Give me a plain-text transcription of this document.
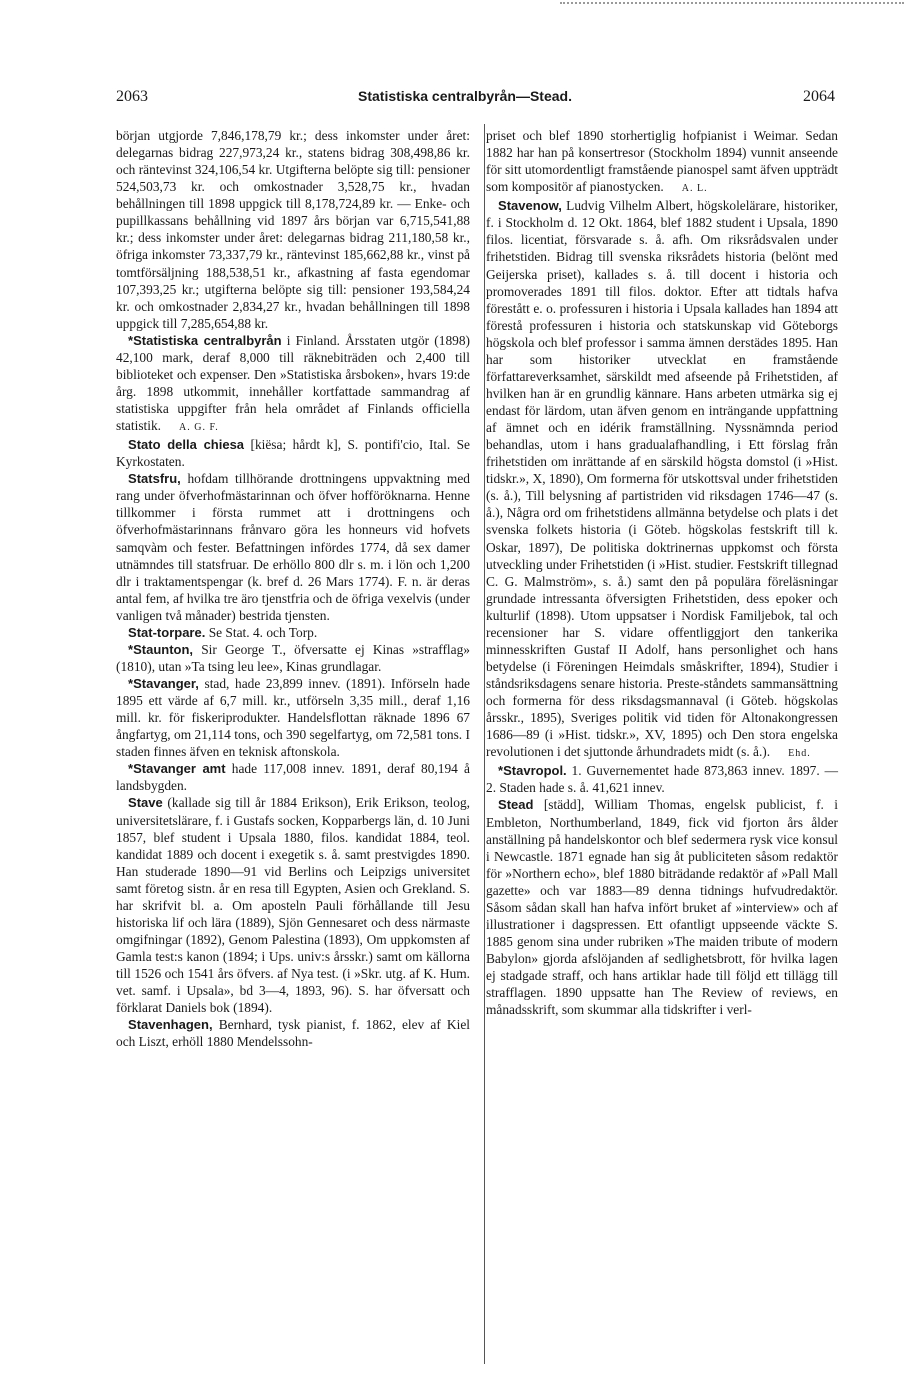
2063	Statistiska centralbyrån—Stead.	2064

början utgjorde 7,846,178,79 kr.; dess inkomster under året: delegarnas bidrag 227,973,24 kr., statens bidrag 308,498,86 kr. och räntevinst 324,106,54 kr. Utgifterna belöpte sig till: pensioner 524,503,73 kr. och omkostnader 3,528,75 kr., hvadan behållningen till 1898 uppgick till 8,178,724,89 kr. — Enke- och pupillkassans behållning vid 1897 års början var 6,715,541,88 kr.; dess inkomster under året: delegarnas bidrag 211,180,58 kr., öfriga inkomster 73,337,79 kr., räntevinst 185,662,88 kr., vinst på tomtförsäljning 188,538,51 kr., afkastning af fasta egendomar 107,393,25 kr.; utgifterna belöpte sig till: pensioner 193,584,24 kr. och omkostnader 2,834,27 kr., hvadan behållningen till 1898 uppgick till 7,285,654,88 kr.

*Statistiska centralbyrån i Finland. Årsstaten utgör (1898) 42,100 mark, deraf 8,000 till räknebiträden och 2,400 till biblioteket och expenser. Den »Statistiska årsboken», hvars 19:de årg. 1898 utkommit, innehåller kortfattade sammandrag af statistiska uppgifter från hela området af Finlands officiella statistik. A. G. F.

Stato della chiesa [kiësa; hårdt k], S. pontifi'cio, Ital. Se Kyrkostaten.

Statsfru, hofdam tillhörande drottningens uppvaktning med rang under öfverhofmästarinnan och öfver hofföröknarna. Henne tillkommer i första rummet att i drottningens och öfverhofmästarinnans frånvaro göra les honneurs vid hofvets samqvàm och fester. Befattningen infördes 1774, då sex damer utnämndes till statsfruar. De erhöllo 800 dlr s. m. i lön och 1,200 dlr i traktamentspengar (k. bref d. 26 Mars 1774). F. n. är deras antal fem, af hvilka tre äro tjenstfria och de öfriga vexelvis (under vanligen två månader) bestrida tjensten.

Stat-torpare. Se Stat. 4. och Torp.

*Staunton, Sir George T., öfversatte ej Kinas »strafflag» (1810), utan »Ta tsing leu lee», Kinas grundlagar.

*Stavanger, stad, hade 23,899 innev. (1891). Införseln hade 1895 ett värde af 6,7 mill. kr., utförseln 3,35 mill., deraf 1,16 mill. kr. för fiskeriprodukter. Handelsflottan räknade 1896 67 ångfartyg, om 21,114 tons, och 390 segelfartyg, om 72,581 tons. I staden finnes äfven en teknisk aftonskola.

*Stavanger amt hade 117,008 innev. 1891, deraf 80,194 å landsbygden.

Stave (kallade sig till år 1884 Erikson), Erik Erikson, teolog, universitetslärare, f. i Gustafs socken, Kopparbergs län, d. 10 Juni 1857, blef student i Upsala 1880, filos. kandidat 1884, teol. kandidat 1889 och docent i exegetik s. å. samt prestvigdes 1890. Han studerade 1890—91 vid Berlins och Leipzigs universitet samt företog sistn. år en resa till Egypten, Asien och Grekland. S. har skrifvit bl. a. Om aposteln Pauli förhållande till Jesu historiska lif och lära (1889), Sjön Gennesaret och dess närmaste omgifningar (1892), Genom Palestina (1893), Om uppkomsten af Gamla test:s kanon (1894; i Ups. univ:s årsskr.) samt om källorna till 1526 och 1541 års öfvers. af Nya test. (i »Skr. utg. af K. Hum. vet. samf. i Upsala», bd 3—4, 1893, 96). S. har öfversatt och förklarat Daniels bok (1894).

Stavenhagen, Bernhard, tysk pianist, f. 1862, elev af Kiel och Liszt, erhöll 1880 Mendelssohn-

priset och blef 1890 storhertiglig hofpianist i Weimar. Sedan 1882 har han på konsertresor (Stockholm 1894) vunnit anseende för sitt utomordentligt framstående pianospel samt äfven uppträdt som kompositör af pianostycken. A. L.

Stavenow, Ludvig Vilhelm Albert, högskolelärare, historiker, f. i Stockholm d. 12 Okt. 1864, blef 1882 student i Upsala, 1890 filos. licentiat, försvarade s. å. afh. Om riksrådsvalen under frihetstiden. Bidrag till svenska riksrådets historia (belönt med Geijerska priset), kallades s. å. till docent i historia och promoverades 1891 till filos. doktor. Efter att tidtals hafva förestått e. o. professuren i historia i Upsala kallades han 1894 att förestå professuren i historia och statskunskap vid Göteborgs högskola och blef professor i samma ämnen derstädes 1895. Han har som historiker utvecklat en framstående författareverksamhet, särskildt med afseende på Frihetstiden, af hvilken han är en grundlig kännare. Hans arbeten utmärka sig ej endast för lärdom, utan äfven genom en inträngande uppfattning af ämnet och en idérik framställning. Nyssnämnda period behandlas, utom i hans gradualafhandling, i Ett förslag från frihetstiden om inrättande af en särskild högsta domstol (i »Hist. tidskr.», X, 1890), Om formerna för utskottsval under frihetstiden (s. å.), Till belysning af partistriden vid riksdagen 1746—47 (s. å.), Några ord om frihetstidens allmänna betydelse och plats i det svenska folkets historia (i Göteb. högskolas festskrift till k. Oskar, 1897), De politiska doktrinernas uppkomst och första utveckling under Frihetstiden (i »Hist. studier. Festskrift tillegnad C. G. Malmström», s. å.) samt den på populära föreläsningar grundade intressanta öfversigten Frihetstiden, dess epoker och kulturlif (1898). Utom uppsatser i Nordisk Familjebok, tal och recensioner har S. vidare offentliggjort den tankerika minnesskriften Gustaf II Adolf, hans personlighet och hans betydelse (i Föreningen Heimdals småskrifter, 1894), Studier i ståndsriksdagens senare historia. Preste-ståndets sammansättning och formerna för dess riksdagsmannaval (i Göteb. högskolas årsskr., 1895), Sveriges politik vid tiden för Altonakongressen 1686—89 (i »Hist. tidskr.», XV, 1895) och Den stora engelska revolutionen i det sjuttonde århundradets midt (s. å.). Ehd.

*Stavropol. 1. Guvernementet hade 873,863 innev. 1897. — 2. Staden hade s. å. 41,621 innev.

Stead [städd], William Thomas, engelsk publicist, f. i Embleton, Northumberland, 1849, fick vid fjorton års ålder anställning på handelskontor och blef sedermera rysk vice konsul i Newcastle. 1871 egnade han sig åt publiciteten såsom redaktör för »Northern echo», blef 1880 biträdande redaktör af »Pall Mall gazette» och var 1883—89 denna tidnings hufvudredaktör. Såsom sådan skall han hafva infört bruket af »interview» och af illustrationer i dagspressen. Ett ofantligt uppseende väckte S. 1885 genom sina under rubriken »The maiden tribute of modern Babylon» gjorda afslöjanden af sedlighetsbrott, för hvilka lagen ej stadgade straff, och hans artiklar hade till följd ett tillägg till strafflagen. 1890 uppsatte han The Review of reviews, en månadsskrift, som skummar alla tidskrifter i verl-
